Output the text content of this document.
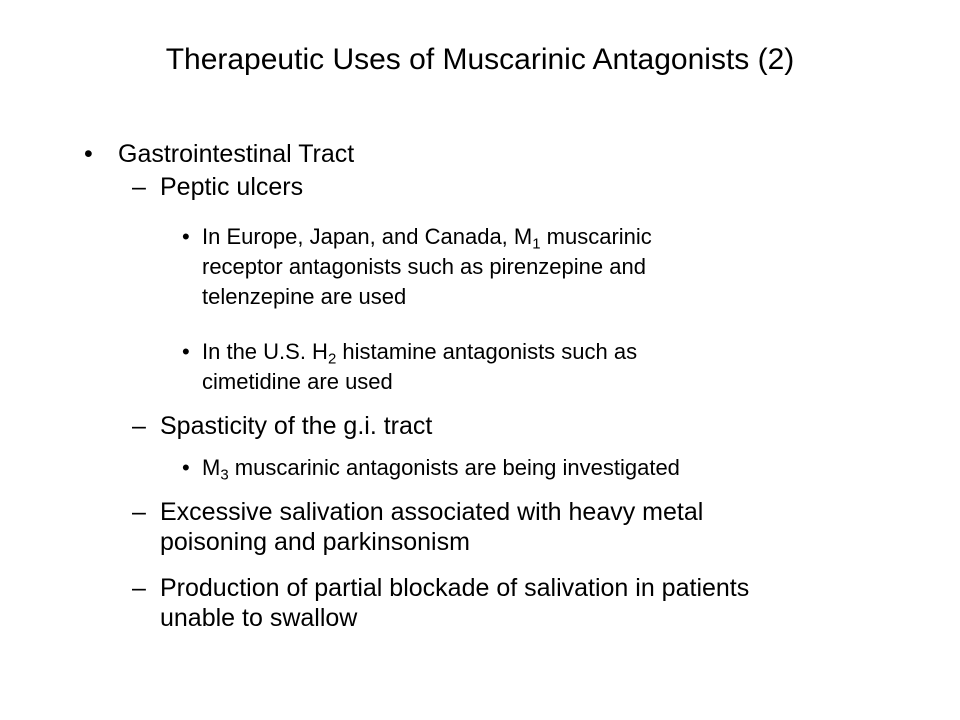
Therapeutic Uses of Muscarinic Antagonists (2)
• Gastrointestinal Tract
– Peptic ulcers
• In Europe, Japan, and Canada, $M_1$ muscarinic
receptor antagonists such as pirenzepine and
telenzepine are used
• In the U.S. $H_2$ histamine antagonists such as
cimetidine are used
– Spasticity of the g.i. tract
• $M_3$ muscarinic antagonists are being investigated
– Excessive salivation associated with heavy metal
poisoning and parkinsonism
– Production of partial blockade of salivation in patients
unable to swallow
